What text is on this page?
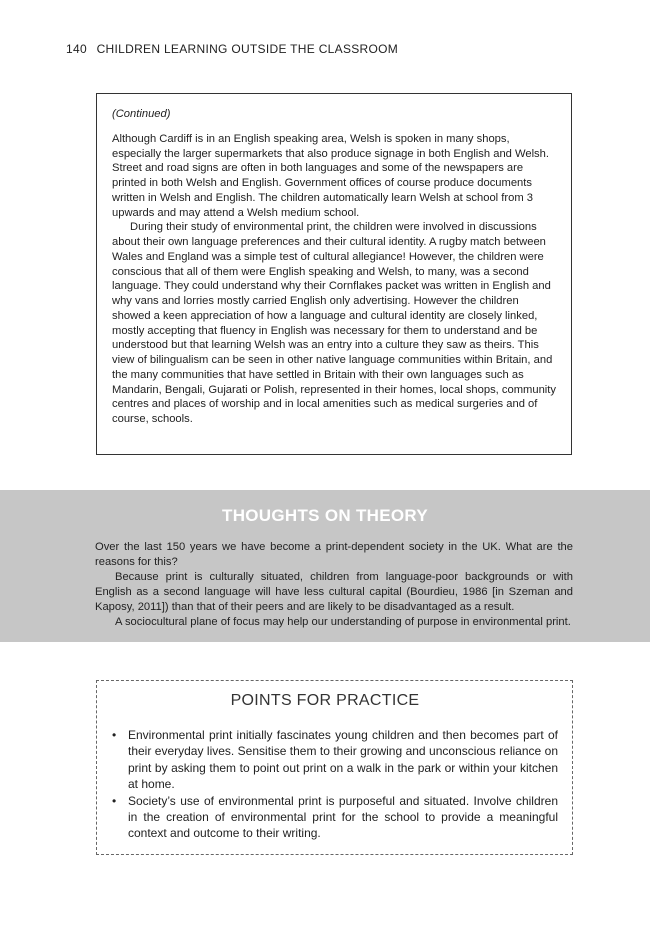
140 CHILDREN LEARNING OUTSIDE THE CLASSROOM

(Continued)

Although Cardiff is in an English speaking area, Welsh is spoken in many shops, especially the larger supermarkets that also produce signage in both English and Welsh. Street and road signs are often in both languages and some of the newspapers are printed in both Welsh and English. Government offices of course produce documents written in Welsh and English. The children automatically learn Welsh at school from 3 upwards and may attend a Welsh medium school.

During their study of environmental print, the children were involved in discussions about their own language preferences and their cultural identity. A rugby match between Wales and England was a simple test of cultural allegiance! However, the children were conscious that all of them were English speaking and Welsh, to many, was a second language. They could understand why their Cornflakes packet was written in English and why vans and lorries mostly carried English only advertising. However the children showed a keen appreciation of how a language and cultural identity are closely linked, mostly accepting that fluency in English was necessary for them to understand and be understood but that learning Welsh was an entry into a culture they saw as theirs. This view of bilingualism can be seen in other native language communities within Britain, and the many communities that have settled in Britain with their own languages such as Mandarin, Bengali, Gujarati or Polish, represented in their homes, local shops, community centres and places of worship and in local amenities such as medical surgeries and of course, schools.

THOUGHTS ON THEORY

Over the last 150 years we have become a print-dependent society in the UK. What are the reasons for this?

Because print is culturally situated, children from language-poor backgrounds or with English as a second language will have less cultural capital (Bourdieu, 1986 [in Szeman and Kaposy, 2011]) than that of their peers and are likely to be disadvantaged as a result.

A sociocultural plane of focus may help our understanding of purpose in environmental print.

POINTS FOR PRACTICE
• Environmental print initially fascinates young children and then becomes part of their everyday lives. Sensitise them to their growing and unconscious reliance on print by asking them to point out print on a walk in the park or within your kitchen at home.
• Society’s use of environmental print is purposeful and situated. Involve children in the creation of environmental print for the school to provide a meaningful context and outcome to their writing.
